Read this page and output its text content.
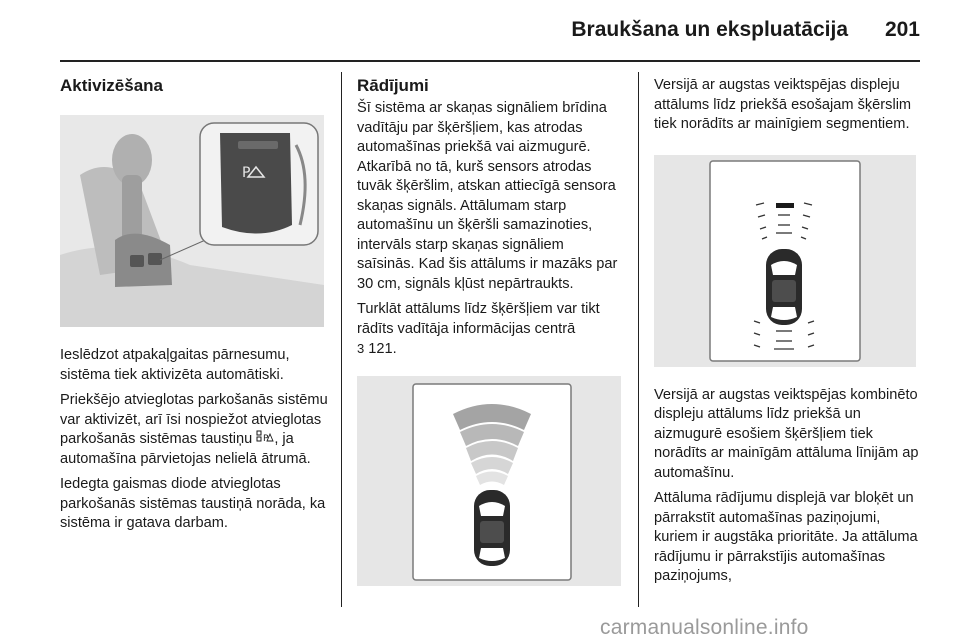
Braukšana un ekspluatācija 201
Aktivizēšana
P

Ieslēdzot atpakaļgaitas pārnesumu, sistēma tiek aktivizēta automātiski.

Priekšējo atvieglotas parkošanās sistēmu var aktivizēt, arī īsi nospiežot atvieglotas parkošanās sistēmas taustiņu P , ja automašīna pārvietojas nelielā ātrumā.

Iedegta gaismas diode atvieglotas parkošanās sistēmas taustiņā norāda, ka sistēma ir gatava darbam.

Rādījumi

Šī sistēma ar skaņas signāliem brīdina vadītāju par šķēršļiem, kas atrodas automašīnas priekšā vai aizmugurē. Atkarībā no tā, kurš sensors atrodas tuvāk šķēršlim, atskan attiecīgā sensora skaņas signāls. Attālumam starp automašīnu un šķēršli samazinoties, intervāls starp skaņas signāliem saīsinās. Kad šis attālums ir mazāks par 30 cm, signāls kļūst nepārtraukts.

Turklāt attālums līdz šķēršļiem var tikt rādīts vadītāja informācijas centrā
3 121.

Versijā ar augstas veiktspējas displeju attālums līdz priekšā esošajam šķērslim tiek norādīts ar mainīgiem segmentiem.

Versijā ar augstas veiktspējas kombinēto displeju attālums līdz priekšā un aizmugurē esošiem šķēršļiem tiek norādīts ar mainīgām attāluma līnijām ap automašīnu.

Attāluma rādījumu displejā var bloķēt un pārrakstīt automašīnas paziņojumi, kuriem ir augstāka prioritāte. Ja attāluma rādījumu ir pārrakstījis automašīnas paziņojums,

carmanualsonline.info
